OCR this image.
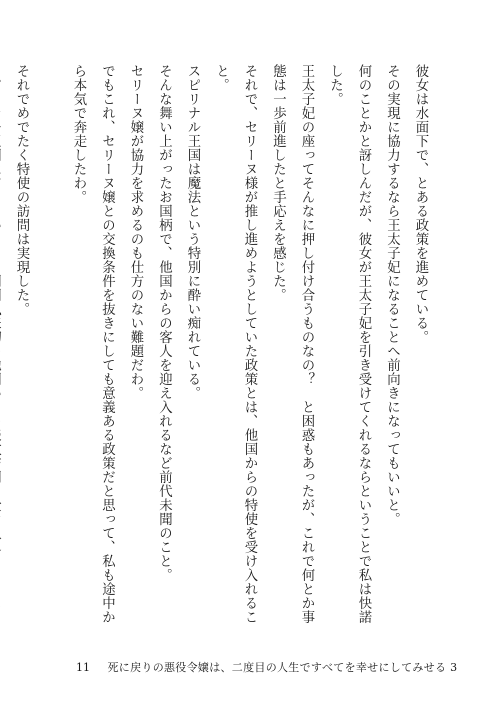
彼女は水面下で、とある政策を進めている。

その実現に協力するなら王太子妃になることへ前向きになってもいいと。

何のことかと訝しんだが、彼女が王太子妃を引き受けてくれるならということで私は快諾した。

王太子妃の座ってそんなに押し付け合うものなの？　と困惑もあったが、これで何とか事態は一歩前進したと手応えを感じた。

それで、セリーヌ様が推し進めようとしていた政策とは、他国からの特使を受け入れること。

スピリナル王国は魔法という特別に酔い痴れている。

そんな舞い上がったお国柄で、他国からの客人を迎え入れるなど前代未聞のこと。

セリーヌ嬢が協力を求めるのも仕方のない難題だわ。

でもこれ、セリーヌ嬢との交換条件を抜きにしても意義ある政策だと思って、私も途中から本気で奔走したわ。

それでめでたく特使の訪問は実現した。

11 死に戻りの悪役令嬢は、二度目の人生ですべてを幸せにしてみせる 3
